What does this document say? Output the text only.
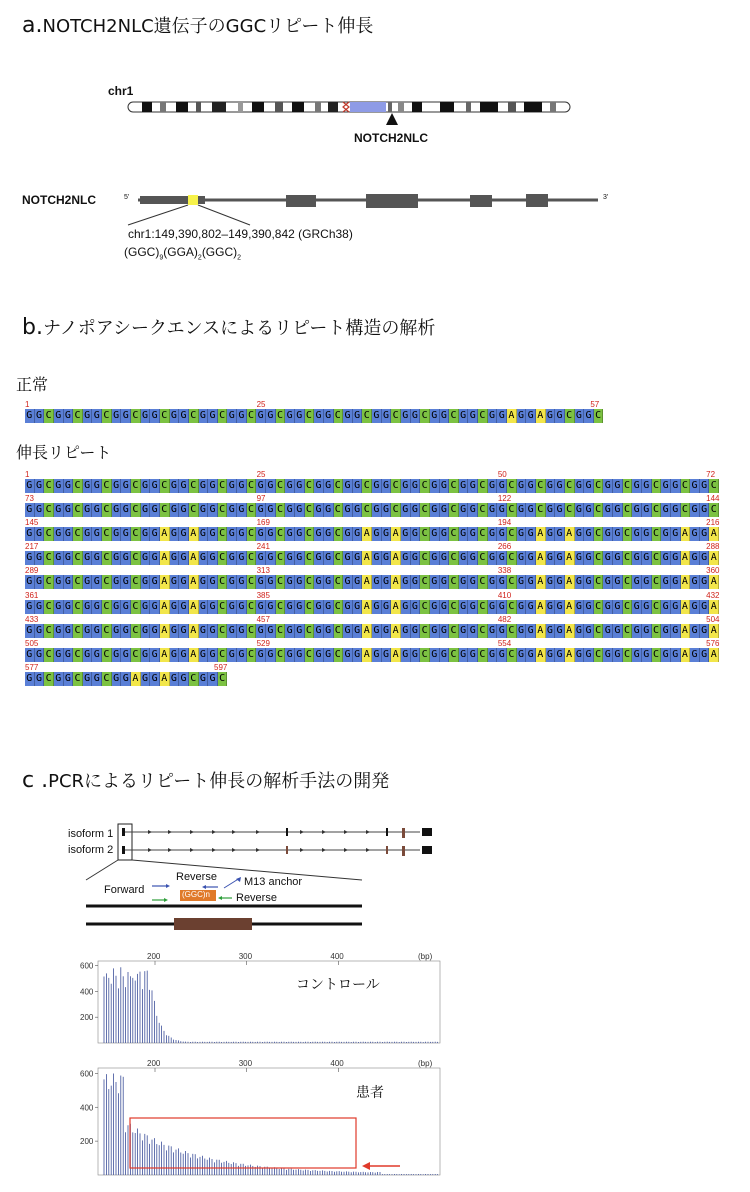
a.NOTCH2NLC遺伝子のGGCリピート伸長
chr1
NOTCH2NLC
NOTCH2NLC	5'	3'
chr1:149,390,802–149,390,842 (GRCh38)
$(GGC)_9(GGA)_2(GGC)_2$
b.ナノポアシークエンスによるリピート構造の解析
正常
1	25	57
G G C G G C G G C G G C G G C G G C G G C G G C G G C G G C G G C G G C G G C G G C G G C G G C G G A G G A G G C G G C
伸長リピート
1	25	50	72
G G C G G C G G C G G C G G C G G C G G C G G C G G C G G C G G C G G C G G C G G C G G C G G C G G C G G C G G C G G C G G C G G C G G C G G C
73	97	122	144
G G C G G C G G C G G C G G C G G C G G C G G C G G C G G C G G C G G C G G C G G C G G C G G C G G C G G C G G C G G C G G C G G C G G C G G C
145	169	194	216
G G C G G C G G C G G C G G A G G A G G C G G C G G C G G C G G C G G A G G A G G C G G C G G C G G C G G A G G A G G C G G C G G C G G A G G A
217	241	266	288
G G C G G C G G C G G C G G A G G A G G C G G C G G C G G C G G C G G A G G A G G C G G C G G C G G C G G A G G A G G C G G C G G C G G A G G A
289	313	338	360
G G C G G C G G C G G C G G A G G A G G C G G C G G C G G C G G C G G A G G A G G C G G C G G C G G C G G A G G A G G C G G C G G C G G A G G A
361	385	410	432
G G C G G C G G C G G C G G A G G A G G C G G C G G C G G C G G C G G A G G A G G C G G C G G C G G C G G A G G A G G C G G C G G C G G A G G A
433	457	482	504
G G C G G C G G C G G C G G A G G A G G C G G C G G C G G C G G C G G A G G A G G C G G C G G C G G C G G A G G A G G C G G C G G C G G A G G A
505	529	554	576
G G C G G C G G C G G C G G A G G A G G C G G C G G C G G C G G C G G A G G A G G C G G C G G C G G C G G A G G A G G C G G C G G C G G A G G A
577	597
G G C G G C G G C G G A G G A G G C G G C
c .PCRによるリピート伸長の解析手法の開発
isoform 1
isoform 2
Reverse M13 anchor
Forward	(GGC)n Reverse
200	300	400	(bp)
200
400
600
コントロール
200	300	400	(bp)
200
400
600
患者
